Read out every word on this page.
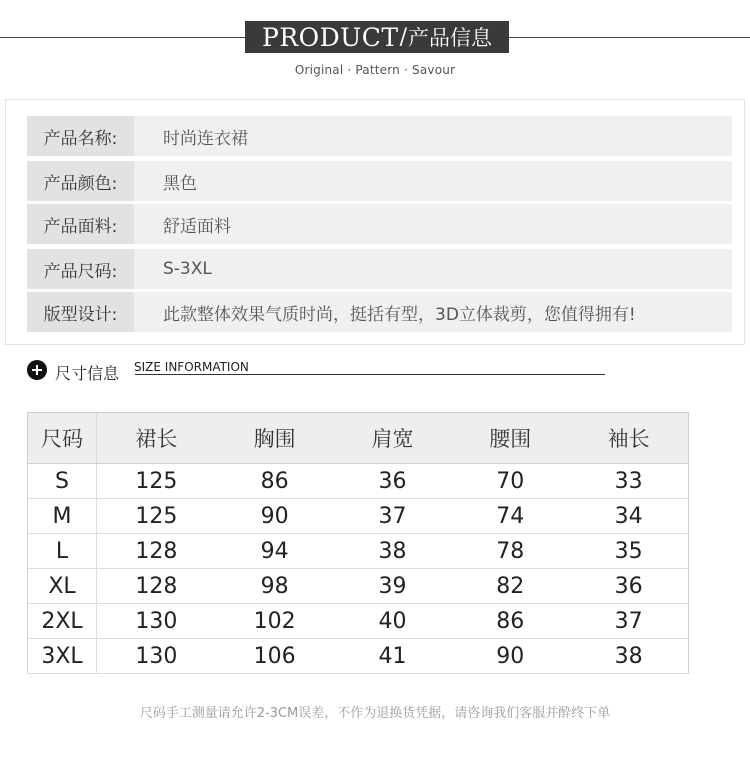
PRODUCT / 产品信息
Original · Pattern · Savour
产品名称:	时尚连衣裙
产品颜色:	黑色
产品面料:	舒适面料
产品尺码:	S-3XL
版型设计:	此款整体效果气质时尚，挺括有型，3D立体裁剪，您值得拥有!
尺寸信息 SIZE INFORMATION
尺码	裙长	胸围	肩宽	腰围	袖长
S	125	86	36	70	33
M	125	90	37	74	34
L	128	94	38	78	35
XL	128	98	39	82	36
2XL	130	102	40	86	37
3XL	130	106	41	90	38
尺码手工测量请允许2-3CM误差，不作为退换货凭据，请咨询我们客服并酔终下单
